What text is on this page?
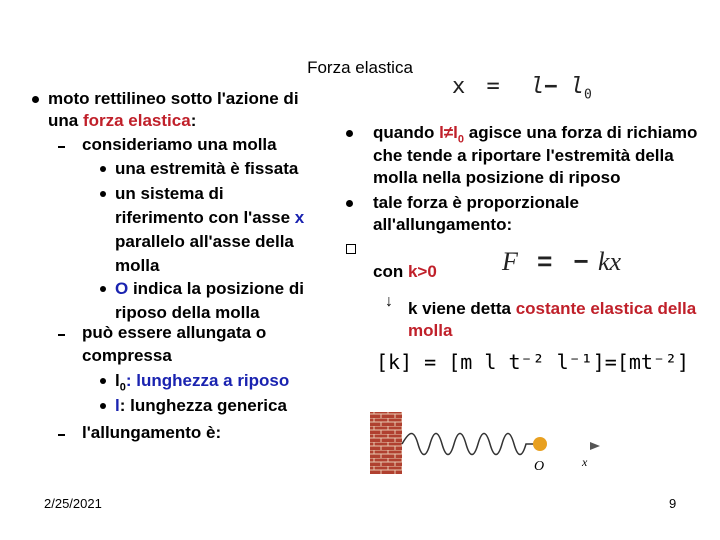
Forza elastica
$x = l- l_0$
moto rettilineo sotto l'azione di
una forza elastica:
consideriamo una molla
una estremità è fissata
un sistema di
riferimento con l'asse x
parallelo all'asse della
molla
O indica la posizione di
riposo della molla
può essere allungata o
compressa
$l_0$: lunghezza a riposo
l: lunghezza generica
l'allungamento è:
quando $l\ne l_0$ agisce una forza di richiamo
che tende a riportare l'estremità della
molla nella posizione di riposo
tale forza è proporzionale
all'allungamento:
con k>0	F = − kx
↓ k viene detta costante elastica della
molla
[k] = [m l t⁻² l⁻¹]=[mt⁻²]
O	x
2/25/2021	9
